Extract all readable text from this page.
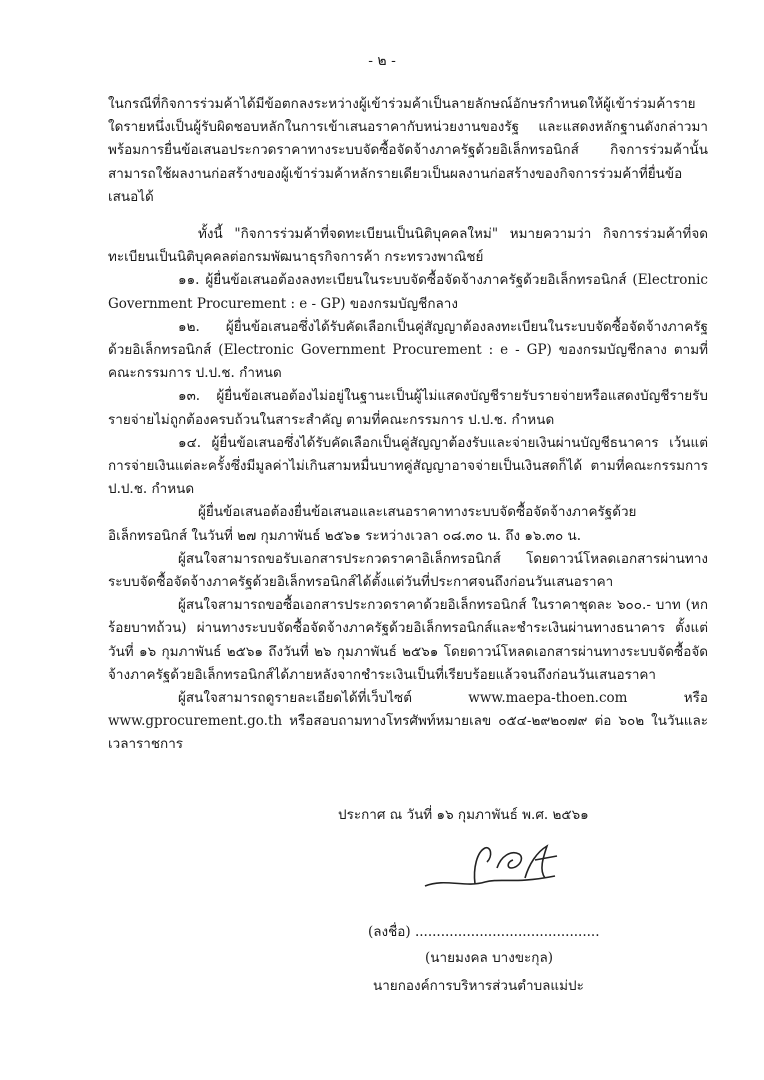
- ๒ -

ในกรณีที่กิจการร่วมค้าได้มีข้อตกลงระหว่างผู้เข้าร่วมค้าเป็นลายลักษณ์อักษรกำหนดให้ผู้เข้าร่วมค้ารายใดรายหนึ่งเป็นผู้รับผิดชอบหลักในการเข้าเสนอราคากับหน่วยงานของรัฐ และแสดงหลักฐานดังกล่าวมาพร้อมการยื่นข้อเสนอประกวดราคาทางระบบจัดซื้อจัดจ้างภาครัฐด้วยอิเล็กทรอนิกส์ กิจการร่วมค้านั้นสามารถใช้ผลงานก่อสร้างของผู้เข้าร่วมค้าหลักรายเดียวเป็นผลงานก่อสร้างของกิจการร่วมค้าที่ยื่นข้อเสนอได้

ทั้งนี้ "กิจการร่วมค้าที่จดทะเบียนเป็นนิติบุคคลใหม่" หมายความว่า กิจการร่วมค้าที่จดทะเบียนเป็นนิติบุคคลต่อกรมพัฒนาธุรกิจการค้า กระทรวงพาณิชย์

๑๑. ผู้ยื่นข้อเสนอต้องลงทะเบียนในระบบจัดซื้อจัดจ้างภาครัฐด้วยอิเล็กทรอนิกส์ (Electronic Government Procurement : e - GP) ของกรมบัญชีกลาง

๑๒. ผู้ยื่นข้อเสนอซึ่งได้รับคัดเลือกเป็นคู่สัญญาต้องลงทะเบียนในระบบจัดซื้อจัดจ้างภาครัฐด้วยอิเล็กทรอนิกส์ (Electronic Government Procurement : e - GP) ของกรมบัญชีกลาง ตามที่คณะกรรมการ ป.ป.ช. กำหนด

๑๓. ผู้ยื่นข้อเสนอต้องไม่อยู่ในฐานะเป็นผู้ไม่แสดงบัญชีรายรับรายจ่ายหรือแสดงบัญชีรายรับรายจ่ายไม่ถูกต้องครบถ้วนในสาระสำคัญ ตามที่คณะกรรมการ ป.ป.ช. กำหนด

๑๔. ผู้ยื่นข้อเสนอซึ่งได้รับคัดเลือกเป็นคู่สัญญาต้องรับและจ่ายเงินผ่านบัญชีธนาคาร เว้นแต่การจ่ายเงินแต่ละครั้งซึ่งมีมูลค่าไม่เกินสามหมื่นบาทคู่สัญญาอาจจ่ายเป็นเงินสดก็ได้ ตามที่คณะกรรมการ ป.ป.ช. กำหนด

ผู้ยื่นข้อเสนอต้องยื่นข้อเสนอและเสนอราคาทางระบบจัดซื้อจัดจ้างภาครัฐด้วยอิเล็กทรอนิกส์ ในวันที่ ๒๗ กุมภาพันธ์ ๒๕๖๑ ระหว่างเวลา ๐๘.๓๐ น. ถึง ๑๖.๓๐ น.

ผู้สนใจสามารถขอรับเอกสารประกวดราคาอิเล็กทรอนิกส์ โดยดาวน์โหลดเอกสารผ่านทางระบบจัดซื้อจัดจ้างภาครัฐด้วยอิเล็กทรอนิกส์ได้ตั้งแต่วันที่ประกาศจนถึงก่อนวันเสนอราคา

ผู้สนใจสามารถขอซื้อเอกสารประกวดราคาด้วยอิเล็กทรอนิกส์ ในราคาชุดละ ๖๐๐.- บาท (หกร้อยบาทถ้วน) ผ่านทางระบบจัดซื้อจัดจ้างภาครัฐด้วยอิเล็กทรอนิกส์และชำระเงินผ่านทางธนาคาร ตั้งแต่วันที่ ๑๖ กุมภาพันธ์ ๒๕๖๑ ถึงวันที่ ๒๖ กุมภาพันธ์ ๒๕๖๑ โดยดาวน์โหลดเอกสารผ่านทางระบบจัดซื้อจัดจ้างภาครัฐด้วยอิเล็กทรอนิกส์ได้ภายหลังจากชำระเงินเป็นที่เรียบร้อยแล้วจนถึงก่อนวันเสนอราคา

ผู้สนใจสามารถดูรายละเอียดได้ที่เว็บไซต์ www.maepa-thoen.com หรือ www.gprocurement.go.th หรือสอบถามทางโทรศัพท์หมายเลข ๐๕๔-๒๙๒๐๗๙ ต่อ ๖๐๒ ในวันและเวลาราชการ

ประกาศ ณ วันที่ ๑๖ กุมภาพันธ์ พ.ศ. ๒๕๖๑
(ลงชื่อ) ...........................................
(นายมงคล บางขะกุล)
นายกองค์การบริหารส่วนตำบลแม่ปะ
